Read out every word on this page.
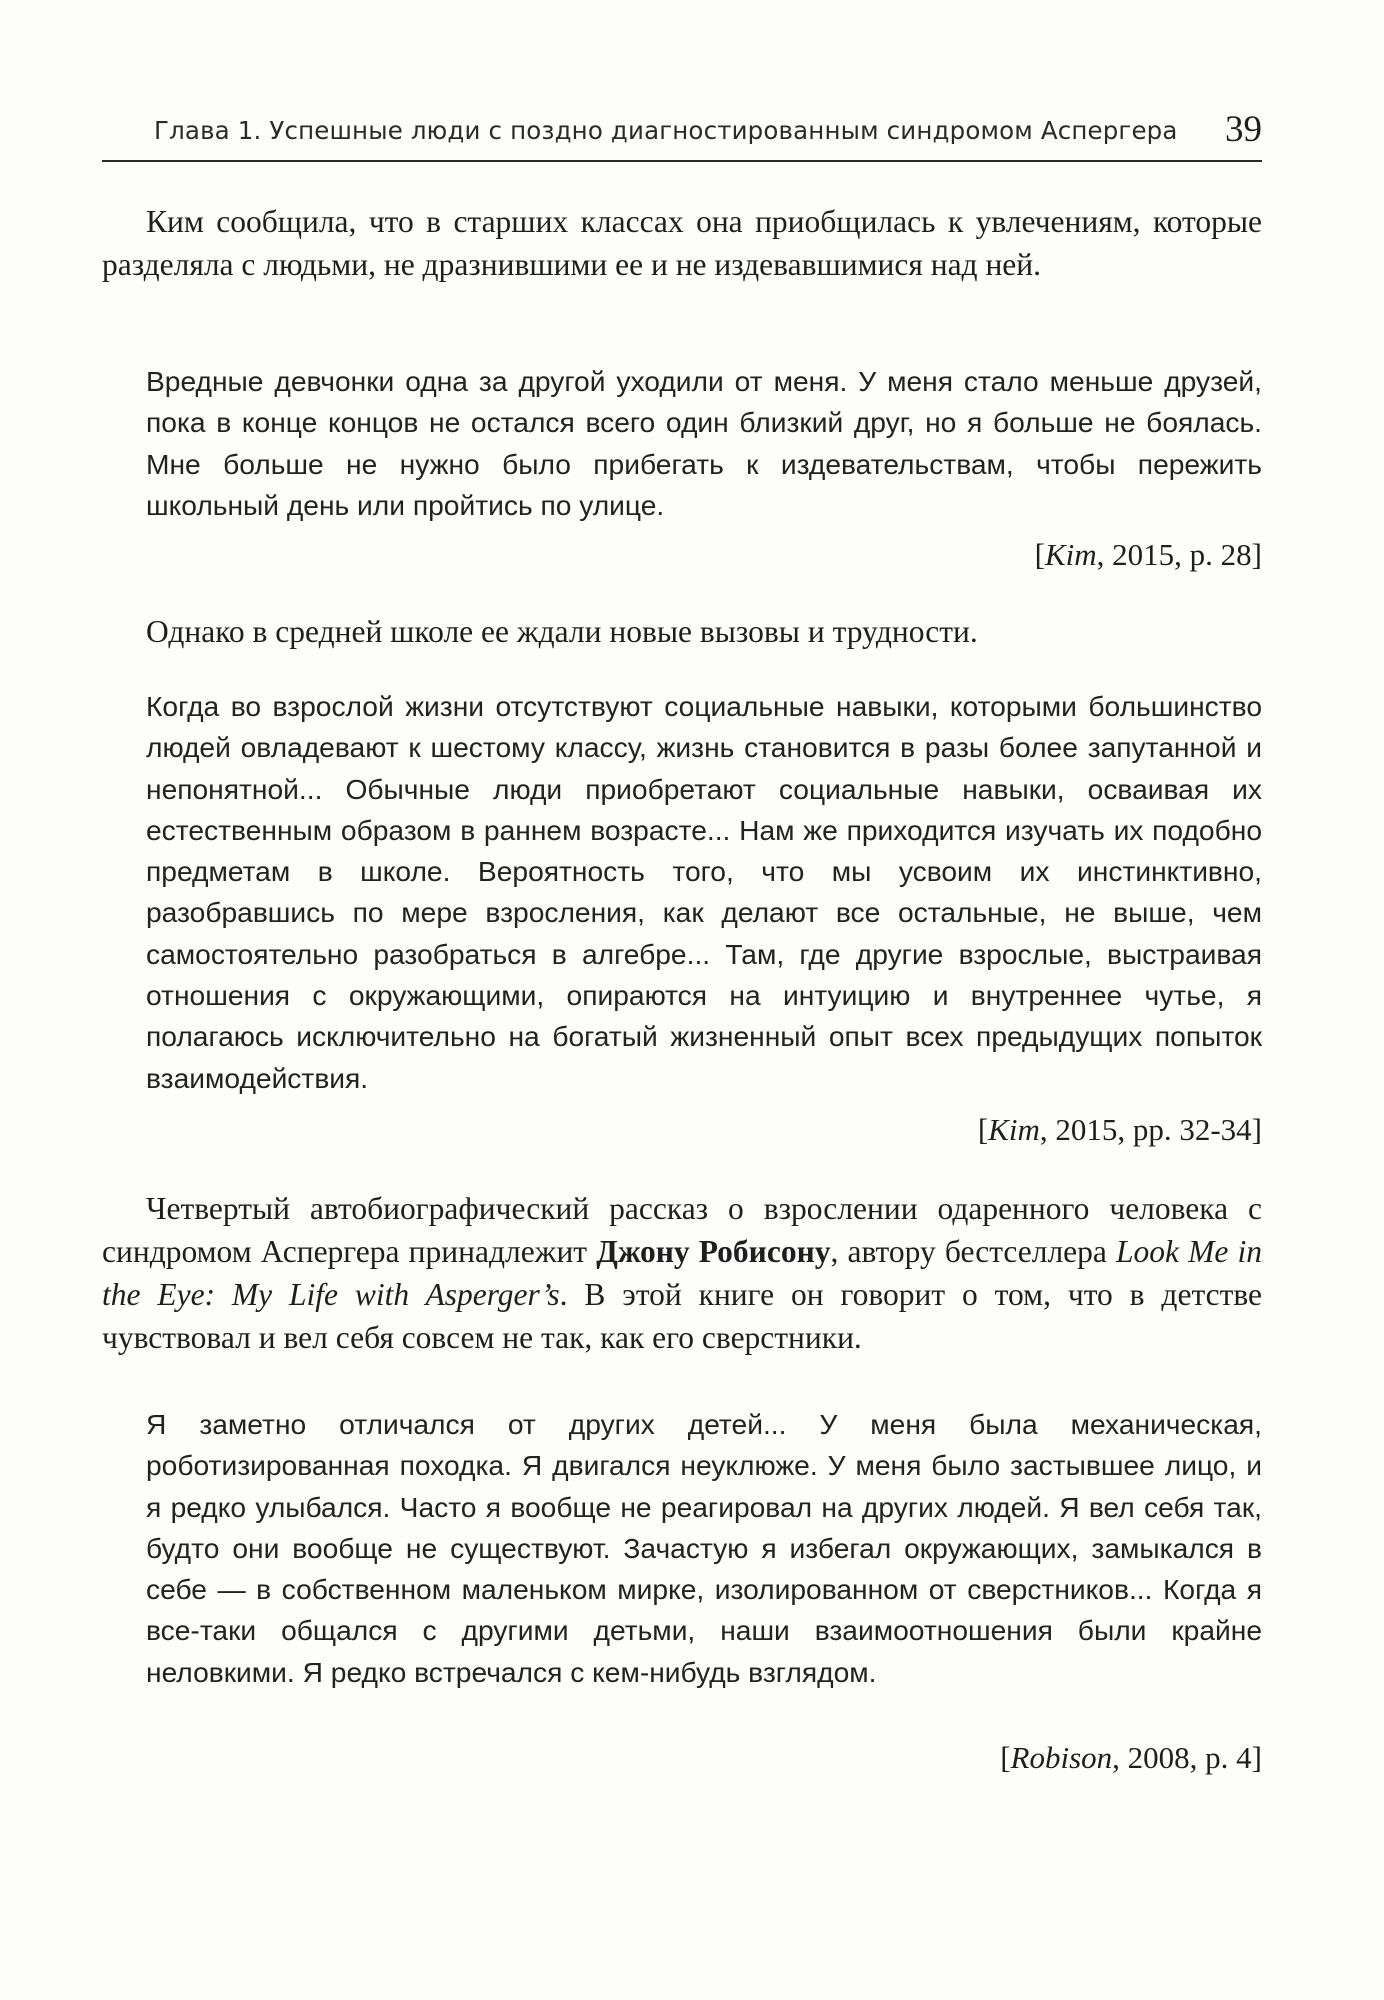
Глава 1. Успешные люди с поздно диагностированным синдромом Аспергера 39
Ким сообщила, что в старших классах она приобщилась к увлечениям, которые разделяла с людьми, не дразнившими ее и не издевавшимися над ней.
Вредные девчонки одна за другой уходили от меня. У меня стало меньше друзей, пока в конце концов не остался всего один близкий друг, но я больше не боялась. Мне больше не нужно было прибегать к издевательствам, чтобы пережить школьный день или пройтись по улице.
[Kim, 2015, p. 28]
Однако в средней школе ее ждали новые вызовы и трудности.
Когда во взрослой жизни отсутствуют социальные навыки, которыми большинство людей овладевают к шестому классу, жизнь становится в разы более запутанной и непонятной... Обычные люди приобретают социальные навыки, осваивая их естественным образом в раннем возрасте... Нам же приходится изучать их подобно предметам в школе. Вероятность того, что мы усвоим их инстинктивно, разобравшись по мере взросления, как делают все остальные, не выше, чем самостоятельно разобраться в алгебре... Там, где другие взрослые, выстраивая отношения с окружающими, опираются на интуицию и внутреннее чутье, я полагаюсь исключительно на богатый жизненный опыт всех предыдущих попыток взаимодействия.
[Kim, 2015, pp. 32-34]
Четвертый автобиографический рассказ о взрослении одаренного человека с синдромом Аспергера принадлежит Джону Робисону, автору бестселлера Look Me in the Eye: My Life with Asperger’s. В этой книге он говорит о том, что в детстве чувствовал и вел себя совсем не так, как его сверстники.
Я заметно отличался от других детей... У меня была механическая, роботизированная походка. Я двигался неуклюже. У меня было застывшее лицо, и я редко улыбался. Часто я вообще не реагировал на других людей. Я вел себя так, будто они вообще не существуют. Зачастую я избегал окружающих, замыкался в себе — в собственном маленьком мирке, изолированном от сверстников... Когда я все-таки общался с другими детьми, наши взаимоотношения были крайне неловкими. Я редко встречался с кем-нибудь взглядом.
[Robison, 2008, p. 4]
